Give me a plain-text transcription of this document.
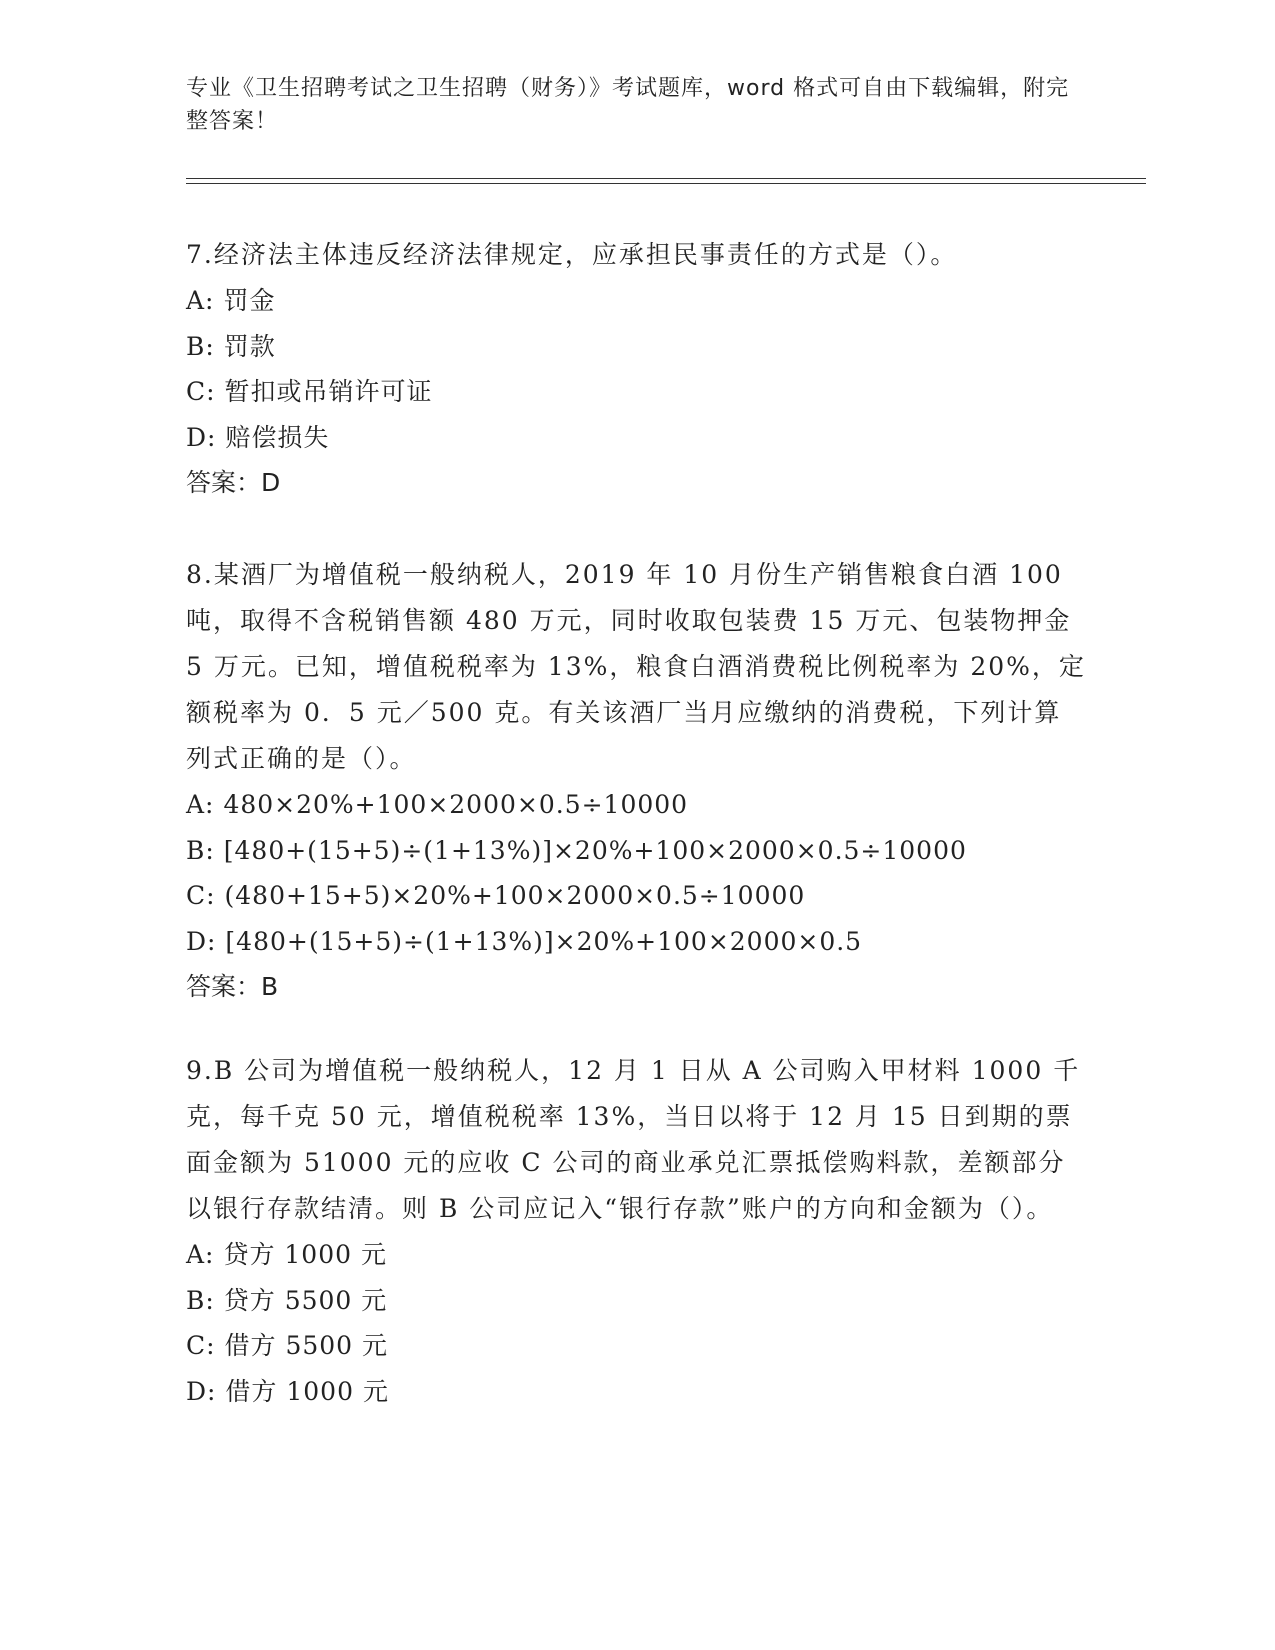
专业《卫生招聘考试之卫生招聘（财务）》考试题库，word 格式可自由下载编辑，附完整答案！

7.经济法主体违反经济法律规定，应承担民事责任的方式是（）。

A: 罚金

B: 罚款

C: 暂扣或吊销许可证

D: 赔偿损失

答案：D

8.某酒厂为增值税一般纳税人，2019 年 10 月份生产销售粮食白酒 100 吨，取得不含税销售额 480 万元，同时收取包装费 15 万元、包装物押金 5 万元。已知，增值税税率为 13%，粮食白酒消费税比例税率为 20%，定额税率为 0．5 元／500 克。有关该酒厂当月应缴纳的消费税，下列计算列式正确的是（）。

A: 480×20%+100×2000×0.5÷10000

B: [480+(15+5)÷(1+13%)]×20%+100×2000×0.5÷10000

C: (480+15+5)×20%+100×2000×0.5÷10000

D: [480+(15+5)÷(1+13%)]×20%+100×2000×0.5

答案：B

9.B 公司为增值税一般纳税人，12 月 1 日从 A 公司购入甲材料 1000 千克，每千克 50 元，增值税税率 13%，当日以将于 12 月 15 日到期的票面金额为 51000 元的应收 C 公司的商业承兑汇票抵偿购料款，差额部分以银行存款结清。则 B 公司应记入“银行存款”账户的方向和金额为（）。

A: 贷方 1000 元

B: 贷方 5500 元

C: 借方 5500 元

D: 借方 1000 元
